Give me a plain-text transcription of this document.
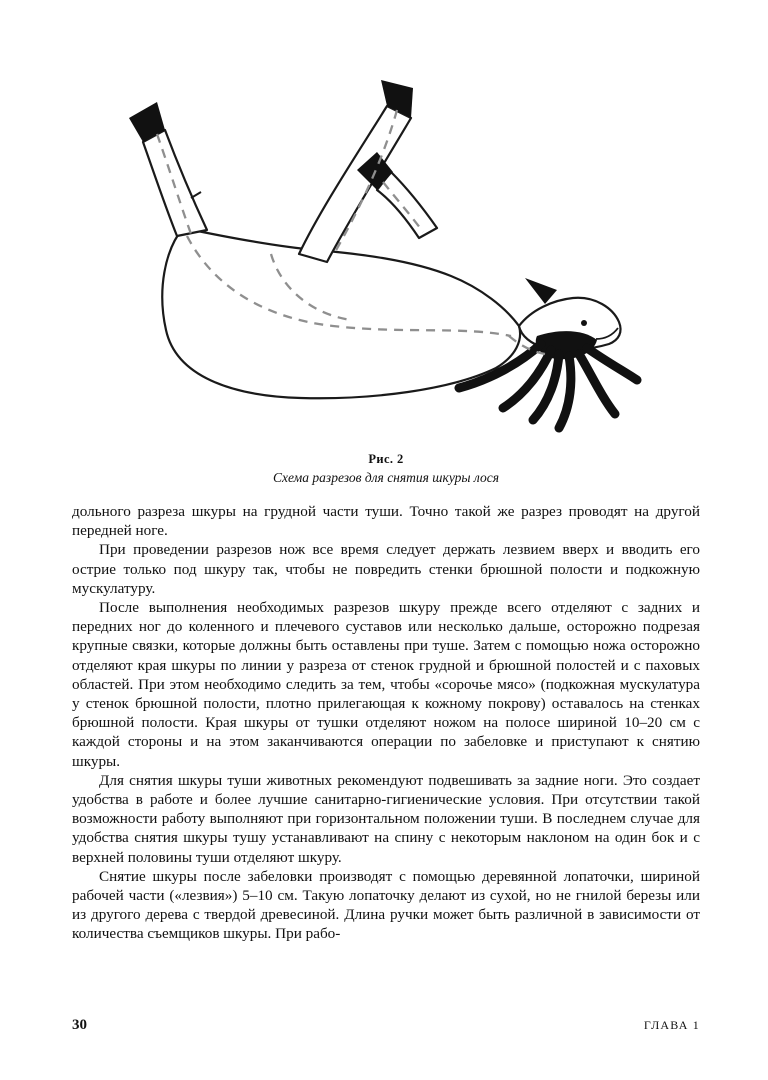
Рис. 2
Схема разрезов для снятия шкуры лося

дольного разреза шкуры на грудной части туши. Точно такой же разрез проводят на другой передней ноге.

При проведении разрезов нож все время следует держать лезвием вверх и вводить его острие только под шкуру так, чтобы не повредить стенки брюшной полости и подкожную мускулатуру.

После выполнения необходимых разрезов шкуру прежде всего отделяют с задних и передних ног до коленного и плечевого суставов или несколько дальше, осторожно подрезая крупные связки, которые должны быть оставлены при туше. Затем с помощью ножа осторожно отделяют края шкуры по линии у разреза от стенок грудной и брюшной полостей и с паховых областей. При этом необходимо следить за тем, чтобы «сорочье мясо» (подкожная мускулатура у стенок брюшной полости, плотно прилегающая к кожному покрову) оставалось на стенках брюшной полости. Края шкуры от тушки отделяют ножом на полосе шириной 10–20 см с каждой стороны и на этом заканчиваются операции по забеловке и приступают к снятию шкуры.

Для снятия шкуры туши животных рекомендуют подвешивать за задние ноги. Это создает удобства в работе и более лучшие санитарно-гигиенические условия. При отсутствии такой возможности работу выполняют при горизонтальном положении туши. В последнем случае для удобства снятия шкуры тушу устанавливают на спину с некоторым наклоном на один бок и с верхней половины туши отделяют шкуру.

Снятие шкуры после забеловки производят с помощью деревянной лопаточки, шириной рабочей части («лезвия») 5–10 см. Такую лопаточку делают из сухой, но не гнилой березы или из другого дерева с твердой древесиной. Длина ручки может быть различной в зависимости от количества съемщиков шкуры. При рабо-

30	ГЛАВА 1
